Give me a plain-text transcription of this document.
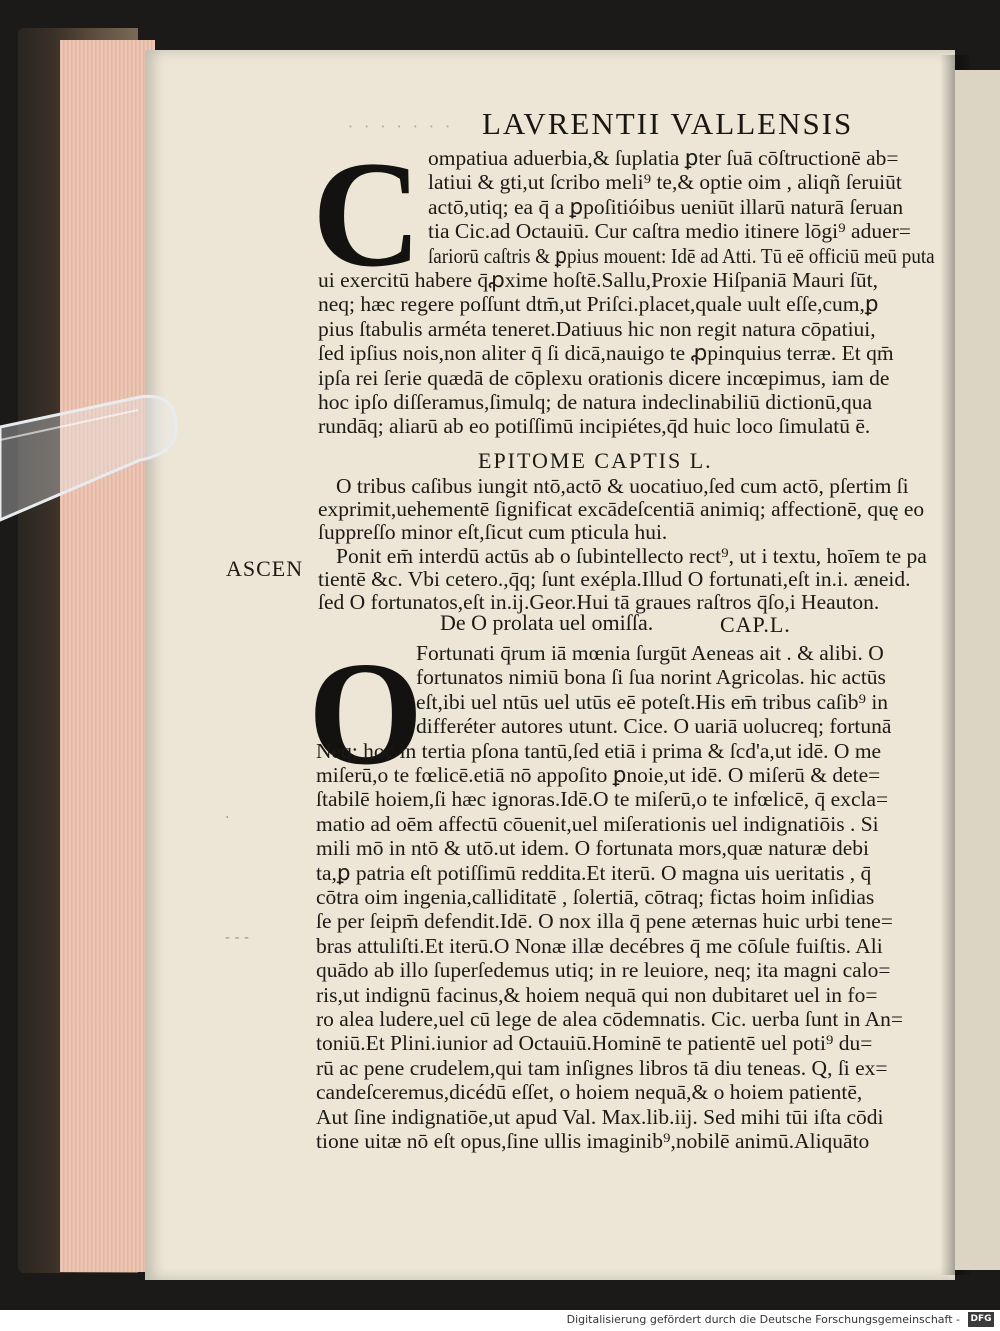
· · · · · · · LAVRENTII VALLENSIS
C ompatiua aduerbia,& ſuplatia ꝑter ſuā cōſtructionē ab=
latiui & gti,ut ſcribo meli⁹ te,& optie oim , aliqñ ſeruiūt
actō,utiq; ea q̄ a ꝑpoſitióibus ueniūt illarū naturā ſeruan
tia Cic.ad Octauiū. Cur caſtra medio itinere lōgi⁹ aduer=
ſariorū caſtris & ꝑpius mouent: Idē ad Atti. Tū eē officiū meū puta
ui exercitū habere q̄ꝓxime hoſtē.Sallu,Proxie Hiſpaniā Mauri ſūt,
neq; hæc regere poſſunt dtm̄,ut Priſci.placet,quale uult eſſe,cum,ꝑ
pius ſtabulis arméta teneret.Datiuus hic non regit natura cōpatiui,
ſed ipſius nois,non aliter q̄ ſi dicā,nauigo te ꝓpinquius terræ. Et qm̄
ipſa rei ſerie quædā de cōplexu orationis dicere incœpimus, iam de
hoc ipſo diſſeramus,ſimulq; de natura indeclinabiliū dictionū,qua
rundāq; aliarū ab eo potiſſimū incipiétes,q̄d huic loco ſimulatū ē.
EPITOME CAPTIS L.
O tribus caſibus iungit ntō,actō & uocatiuo,ſed cum actō, pſertim ſi
exprimit,uehementē ſignificat excādeſcentiā animiq; affectionē, quę eo
ſuppreſſo minor eſt,ſicut cum pticula hui.
Ponit em̄ interdū actūs ab o ſubintellecto rect⁹, ut i textu, hoīem te pa
tientē &c. Vbi cetero.,q̄q; ſunt exépla.Illud O fortunati,eſt in.i. æneid.
ſed O fortunatos,eſt in.ij.Geor.Hui tā graues raſtros q̄ſo,i Heauton.
ASCEN
De O prolata uel omiſſa.	CAP.L.
O
Fortunati q̄rum iā mœnia ſurgūt Aeneas ait . & alibi. O
fortunatos nimiū bona ſi ſua norint Agricolas. hic actūs
eſt,ibi uel ntūs uel utūs eē poteſt.His em̄ tribus caſib⁹ in
differéter autores utunt. Cice. O uariā uolucreq; fortunā
Neq; hoc in tertia pſona tantū,ſed etiā i prima & ſcd'a,ut idē. O me
miſerū,o te fœlicē.etiā nō appoſito ꝑnoie,ut idē. O miſerū & dete=
ſtabilē hoiem,ſi hæc ignoras.Idē.O te miſerū,o te infœlicē, q̄ excla=
matio ad oēm affectū cōuenit,uel miſerationis uel indignatiōis . Si
mili mō in ntō & utō.ut idem. O fortunata mors,quæ naturæ debi
ta,ꝑ patria eſt potiſſimū reddita.Et iterū. O magna uis ueritatis , q̄
cōtra oim ingenia,calliditatē , ſolertiā, cōtraq; fictas hoim inſidias
ſe per ſeipm̄ defendit.Idē. O nox illa q̄ pene æternas huic urbi tene=
bras attuliſti.Et iterū.O Nonæ illæ decébres q̄ me cōſule fuiſtis. Ali
quādo ab illo ſuperſedemus utiq; in re leuiore, neq; ita magni calo=
ris,ut indignū facinus,& hoiem nequā qui non dubitaret uel in fo=
ro alea ludere,uel cū lege de alea cōdemnatis. Cic. uerba ſunt in An=
toniū.Et Plini.iunior ad Octauiū.Hominē te patientē uel poti⁹ du=
rū ac pene crudelem,qui tam inſignes libros tā diu teneas. Q, ſi ex=
candeſceremus,dicédū eſſet, o hoiem nequā,& o hoiem patientē,
Aut ſine indignatiōe,ut apud Val. Max.lib.iij. Sed mihi tūi iſta cōdi
tione uitæ nō eſt opus,ſine ullis imaginib⁹,nobilē animū.Aliquāto
- - -
·
Digitalisierung gefördert durch die Deutsche Forschungsgemeinschaft - DFG
